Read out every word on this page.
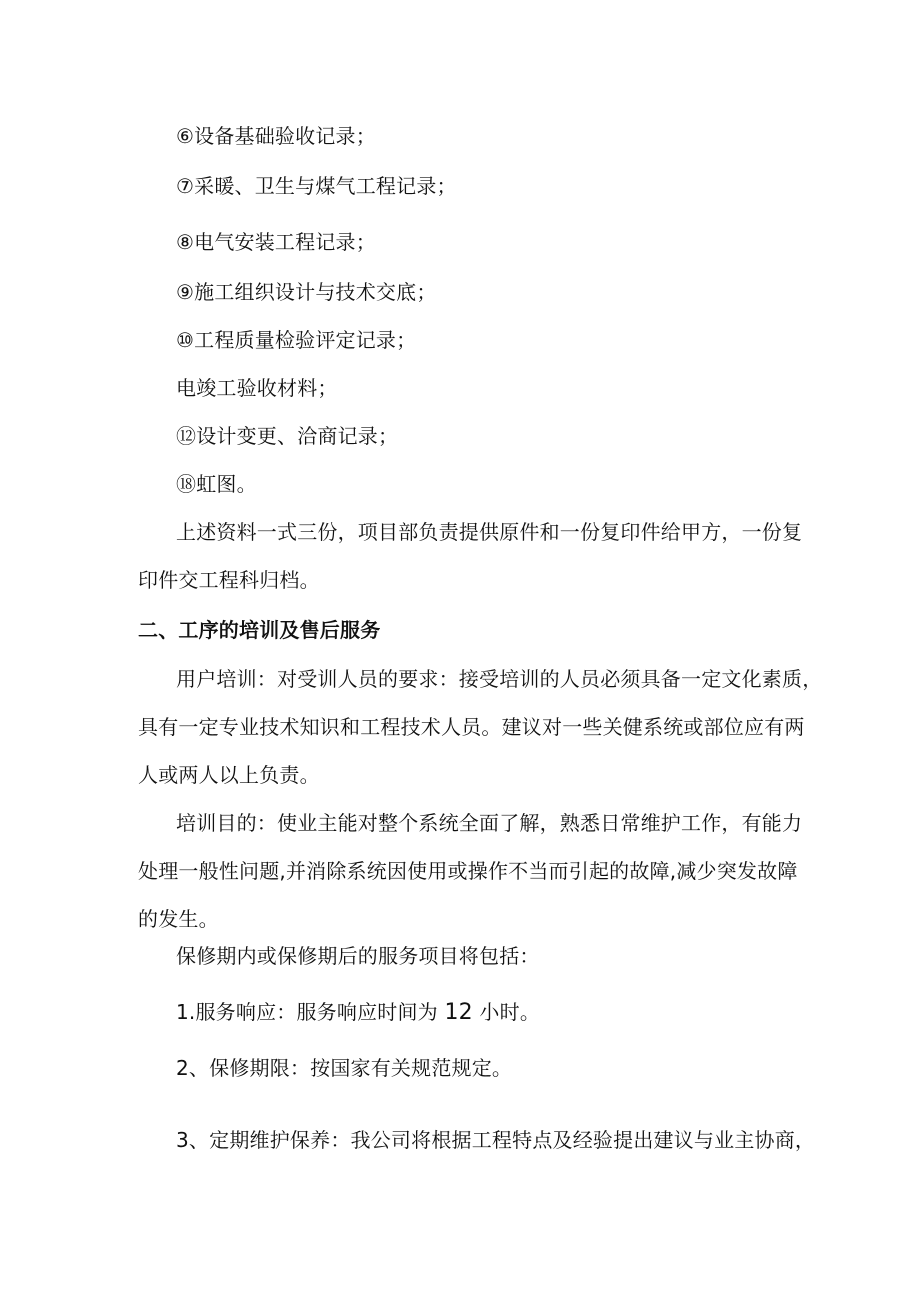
⑥设备基础验收记录；
⑦采暖、卫生与煤气工程记录；
⑧电气安装工程记录；
⑨施工组织设计与技术交底；
⑩工程质量检验评定记录；
电竣工验收材料；
⑫设计变更、洽商记录；
⑱虹图。
上述资料一式三份，项目部负责提供原件和一份复印件给甲方，一份复
印件交工程科归档。
二、工序的培训及售后服务
用户培训：对受训人员的要求：接受培训的人员必须具备一定文化素质，
具有一定专业技术知识和工程技术人员。建议对一些关健系统或部位应有两
人或两人以上负责。
培训目的：使业主能对整个系统全面了解，熟悉日常维护工作，有能力
处理一般性问题,并消除系统因使用或操作不当而引起的故障,减少突发故障
的发生。
保修期内或保修期后的服务项目将包括：
1.服务响应：服务响应时间为 12 小时。
2、保修期限：按国家有关规范规定。
3、定期维护保养：我公司将根据工程特点及经验提出建议与业主协商，
